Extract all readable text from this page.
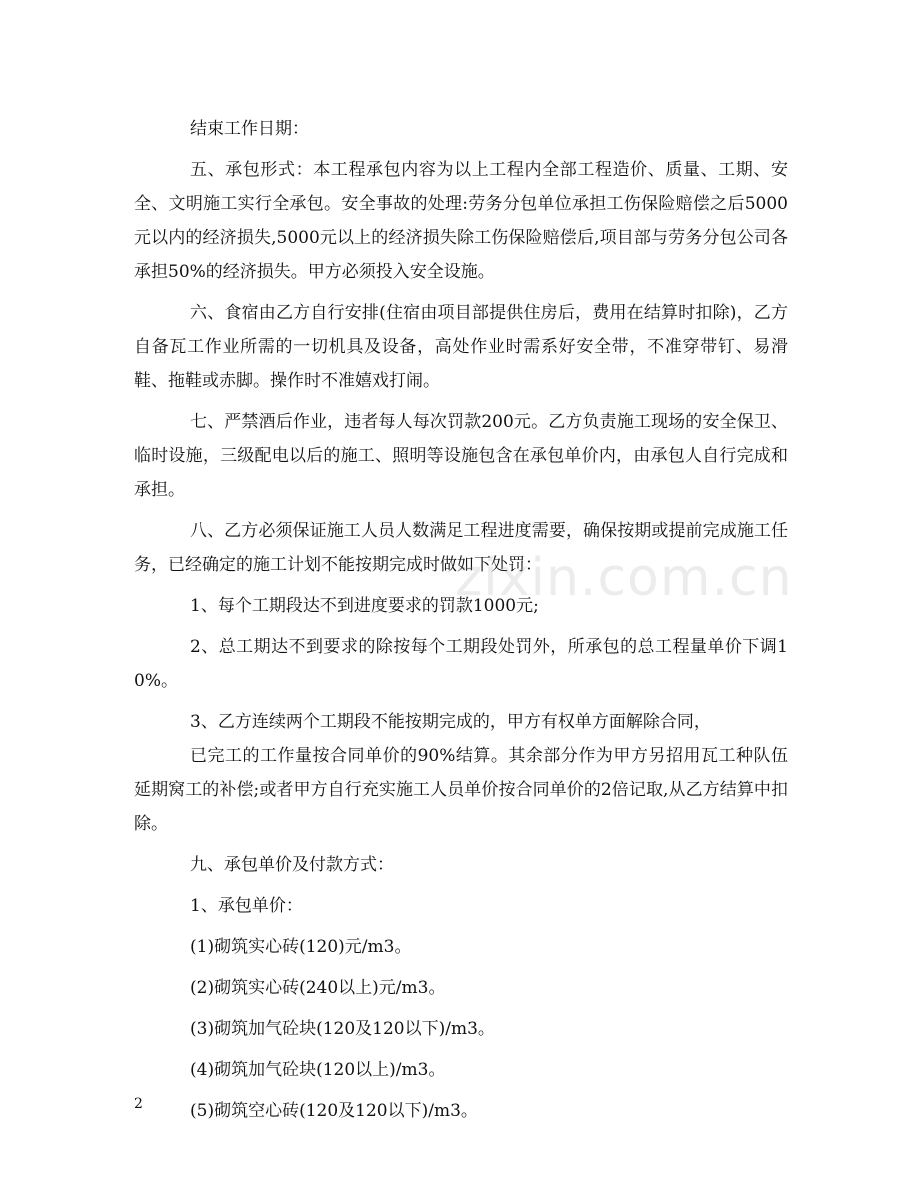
结束工作日期：

五、承包形式：本工程承包内容为以上工程内全部工程造价、质量、工期、安全、文明施工实行全承包。安全事故的处理:劳务分包单位承担工伤保险赔偿之后5000元以内的经济损失,5000元以上的经济损失除工伤保险赔偿后,项目部与劳务分包公司各承担50%的经济损失。甲方必须投入安全设施。

六、食宿由乙方自行安排(住宿由项目部提供住房后，费用在结算时扣除)，乙方自备瓦工作业所需的一切机具及设备，高处作业时需系好安全带，不准穿带钉、易滑鞋、拖鞋或赤脚。操作时不准嬉戏打闹。

七、严禁酒后作业，违者每人每次罚款200元。乙方负责施工现场的安全保卫、临时设施，三级配电以后的施工、照明等设施包含在承包单价内，由承包人自行完成和承担。

八、乙方必须保证施工人员人数满足工程进度需要，确保按期或提前完成施工任务，已经确定的施工计划不能按期完成时做如下处罚：

1、每个工期段达不到进度要求的罚款1000元;

2、总工期达不到要求的除按每个工期段处罚外，所承包的总工程量单价下调10%。

3、乙方连续两个工期段不能按期完成的，甲方有权单方面解除合同，

已完工的工作量按合同单价的90%结算。其余部分作为甲方另招用瓦工种队伍延期窝工的补偿;或者甲方自行充实施工人员单价按合同单价的2倍记取,从乙方结算中扣除。

九、承包单价及付款方式：

1、承包单价：

(1)砌筑实心砖(120)元/m3。

(2)砌筑实心砖(240以上)元/m3。

(3)砌筑加气砼块(120及120以下)/m3。

(4)砌筑加气砼块(120以上)/m3。

(5)砌筑空心砖(120及120以下)/m3。

zixin.com.cn
2
